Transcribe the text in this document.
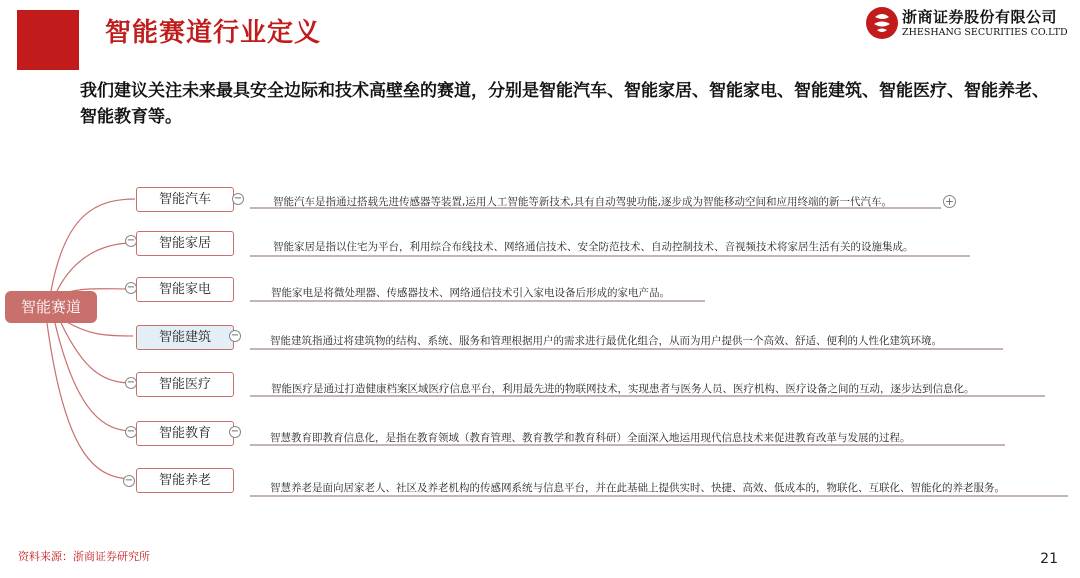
智能赛道行业定义
浙商证券股份有限公司
ZHESHANG SECURITIES CO.LTD
我们建议关注未来最具安全边际和技术高壁垒的赛道，分别是智能汽车、智能家居、智能家电、智能建筑、智能医疗、智能养老、智能教育等。
智能赛道
智能汽车	−	智能汽车是指通过搭载先进传感器等装置,运用人工智能等新技术,具有自动驾驶功能,逐步成为智能移动空间和应用终端的新一代汽车。	+
−	智能家居	智能家居是指以住宅为平台，利用综合布线技术、网络通信技术、安全防范技术、自动控制技术、音视频技术将家居生活有关的设施集成。
−	智能家电	智能家电是将微处理器、传感器技术、网络通信技术引入家电设备后形成的家电产品。
智能建筑	−	智能建筑指通过将建筑物的结构、系统、服务和管理根据用户的需求进行最优化组合，从而为用户提供一个高效、舒适、便利的人性化建筑环境。
−	智能医疗	智能医疗是通过打造健康档案区域医疗信息平台，利用最先进的物联网技术，实现患者与医务人员、医疗机构、医疗设备之间的互动，逐步达到信息化。
−	智能教育	−
智慧教育即教育信息化，是指在教育领域（教育管理、教育教学和教育科研）全面深入地运用现代信息技术来促进教育改革与发展的过程。
−	智能养老	智慧养老是面向居家老人、社区及养老机构的传感网系统与信息平台，并在此基础上提供实时、快捷、高效、低成本的，物联化、互联化、智能化的养老服务。
资料来源：浙商证券研究所	21
